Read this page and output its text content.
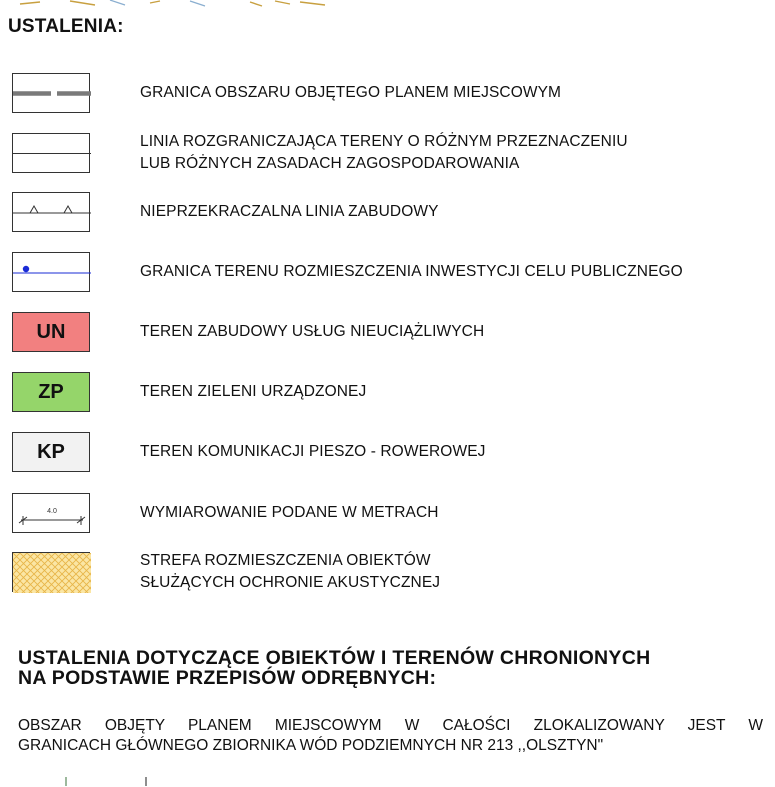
USTALENIA:
GRANICA OBSZARU OBJĘTEGO PLANEM MIEJSCOWYM
LINIA ROZGRANICZAJĄCA TERENY O RÓŻNYM PRZEZNACZENIU
LUB RÓŻNYCH ZASADACH ZAGOSPODAROWANIA
NIEPRZEKRACZALNA LINIA ZABUDOWY
GRANICA TERENU ROZMIESZCZENIA INWESTYCJI CELU PUBLICZNEGO
UN	TEREN ZABUDOWY USŁUG NIEUCIĄŻLIWYCH
ZP	TEREN ZIELENI URZĄDZONEJ
KP	TEREN KOMUNIKACJI PIESZO - ROWEROWEJ
4.0	WYMIAROWANIE PODANE W METRACH
STREFA ROZMIESZCZENIA OBIEKTÓW
SŁUŻĄCYCH OCHRONIE AKUSTYCZNEJ
USTALENIA DOTYCZĄCE OBIEKTÓW I TERENÓW CHRONIONYCH
NA PODSTAWIE PRZEPISÓW ODRĘBNYCH:
OBSZAR OBJĘTY PLANEM MIEJSCOWYM W CAŁOŚCI ZLOKALIZOWANY JEST W
GRANICACH GŁÓWNEGO ZBIORNIKA WÓD PODZIEMNYCH NR 213 ,,OLSZTYN"
